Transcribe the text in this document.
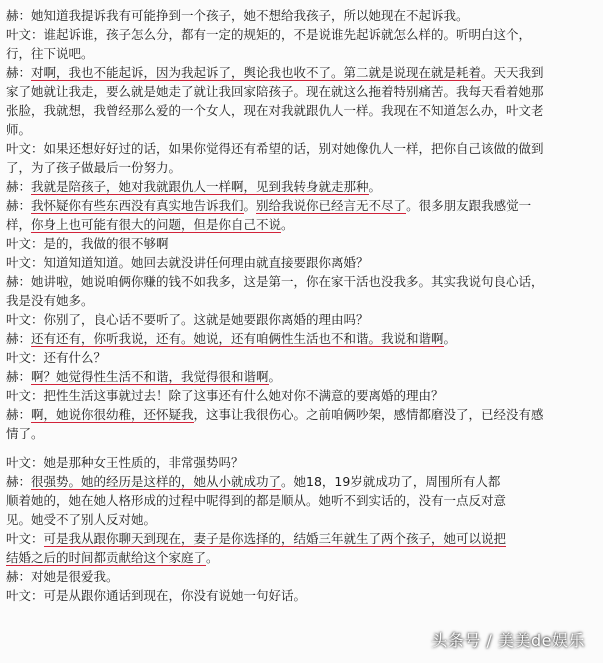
赫：她知道我提诉我有可能挣到一个孩子，她不想给我孩子，所以她现在不起诉我。
叶文：谁起诉谁，孩子怎么分，都有一定的规矩的，不是说谁先起诉就怎么样的。听明白这个，
行，往下说吧。
赫：对啊，我也不能起诉，因为我起诉了，舆论我也收不了。第二就是说现在就是耗着。天天我到
家了她就让我走，要么就是她走了就让我回家陪孩子。现在就这么拖着特别痛苦。我每天看着她那
张脸，我就想，我曾经那么爱的一个女人，现在对我就跟仇人一样。我现在不知道怎么办，叶文老
师。
叶文：如果还想好好过的话，如果你觉得还有希望的话，别对她像仇人一样，把你自己该做的做到
了，为了孩子做最后一份努力。
赫：我就是陪孩子，她对我就跟仇人一样啊，见到我转身就走那种。
赫：我怀疑你有些东西没有真实地告诉我们。别给我说你已经言无不尽了。很多朋友跟我感觉一
样，你身上也可能有很大的问题，但是你自己不说。
叶文：是的，我做的很不够啊
叶文：知道知道知道。她回去就没讲任何理由就直接要跟你离婚？
赫：她讲啦，她说咱俩你赚的钱不如我多，这是第一，你在家干活也没我多。其实我说句良心话，
我是没有她多。
叶文：你别了，良心话不要听了。这就是她要跟你离婚的理由吗？
赫：还有还有，你听我说，还有。她说，还有咱俩性生活也不和谐。我说和谐啊。
叶文：还有什么？
赫：啊？她觉得性生活不和谐，我觉得很和谐啊。
叶文：把性生活这事就过去！除了这事还有什么她对你不满意的要离婚的理由？
赫：啊，她说你很幼稚，还怀疑我，这事让我很伤心。之前咱俩吵架，感情都磨没了，已经没有感
情了。
叶文：她是那种女王性质的，非常强势吗？
赫：很强势。她的经历是这样的，她从小就成功了。她18，19岁就成功了，周围所有人都
顺着她的，她在她人格形成的过程中呢得到的都是顺从。她听不到实话的，没有一点反对意
见。她受不了别人反对她。
叶文：可是我从跟你聊天到现在，妻子是你选择的，结婚三年就生了两个孩子，她可以说把
结婚之后的时间都贡献给这个家庭了。
赫：对她是很爱我。
叶文：可是从跟你通话到现在，你没有说她一句好话。
头条号 / 美美de娱乐
